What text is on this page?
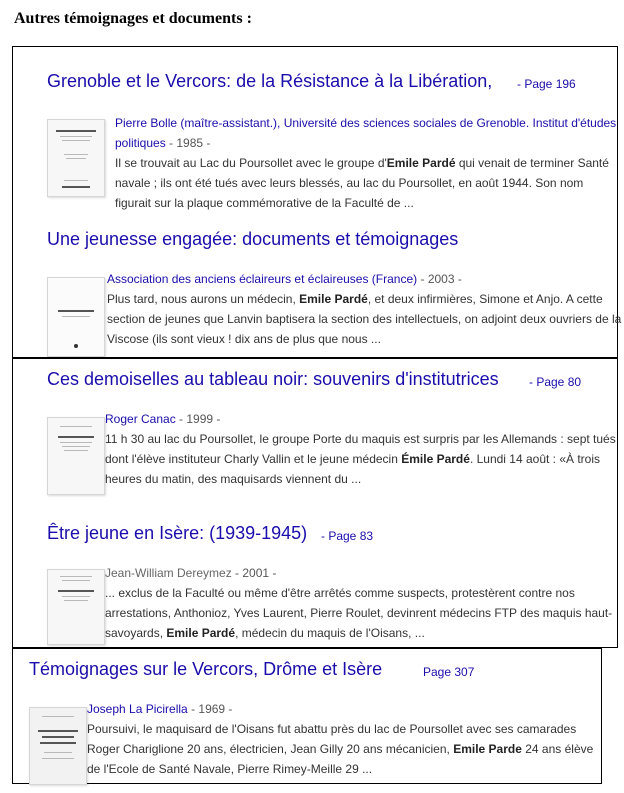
Autres témoignages et documents :
Grenoble et le Vercors: de la Résistance à la Libération, - Page 196
Pierre Bolle (maître-assistant.), Université des sciences sociales de Grenoble. Institut d'études
politiques - 1985 -
Il se trouvait au Lac du Poursollet avec le groupe d'Emile Pardé qui venait de terminer Santé
navale ; ils ont été tués avec leurs blessés, au lac du Poursollet, en août 1944. Son nom
figurait sur la plaque commémorative de la Faculté de ...
Une jeunesse engagée: documents et témoignages
Association des anciens éclaireurs et éclaireuses (France) - 2003 -
Plus tard, nous aurons un médecin, Emile Pardé, et deux infirmières, Simone et Anjo. A cette
section de jeunes que Lanvin baptisera la section des intellectuels, on adjoint deux ouvriers de la
Viscose (ils sont vieux ! dix ans de plus que nous ...
Ces demoiselles au tableau noir: souvenirs d'institutrices	- Page 80
Roger Canac - 1999 -
11 h 30 au lac du Poursollet, le groupe Porte du maquis est surpris par les Allemands : sept tués
dont l'élève instituteur Charly Vallin et le jeune médecin Émile Pardé. Lundi 14 août : «À trois
heures du matin, des maquisards viennent du ...
Être jeune en Isère: (1939-1945) - Page 83
Jean-William Dereymez - 2001 -
... exclus de la Faculté ou même d'être arrêtés comme suspects, protestèrent contre nos
arrestations, Anthonioz, Yves Laurent, Pierre Roulet, devinrent médecins FTP des maquis haut-
savoyards, Emile Pardé, médecin du maquis de l'Oisans, ...
Témoignages sur le Vercors, Drôme et Isère	Page 307
Joseph La Picirella - 1969 -
Poursuivi, le maquisard de l'Oisans fut abattu près du lac de Poursollet avec ses camarades
Roger Chariglione 20 ans, électricien, Jean Gilly 20 ans mécanicien, Emile Parde 24 ans élève
de l'Ecole de Santé Navale, Pierre Rimey-Meille 29 ...
